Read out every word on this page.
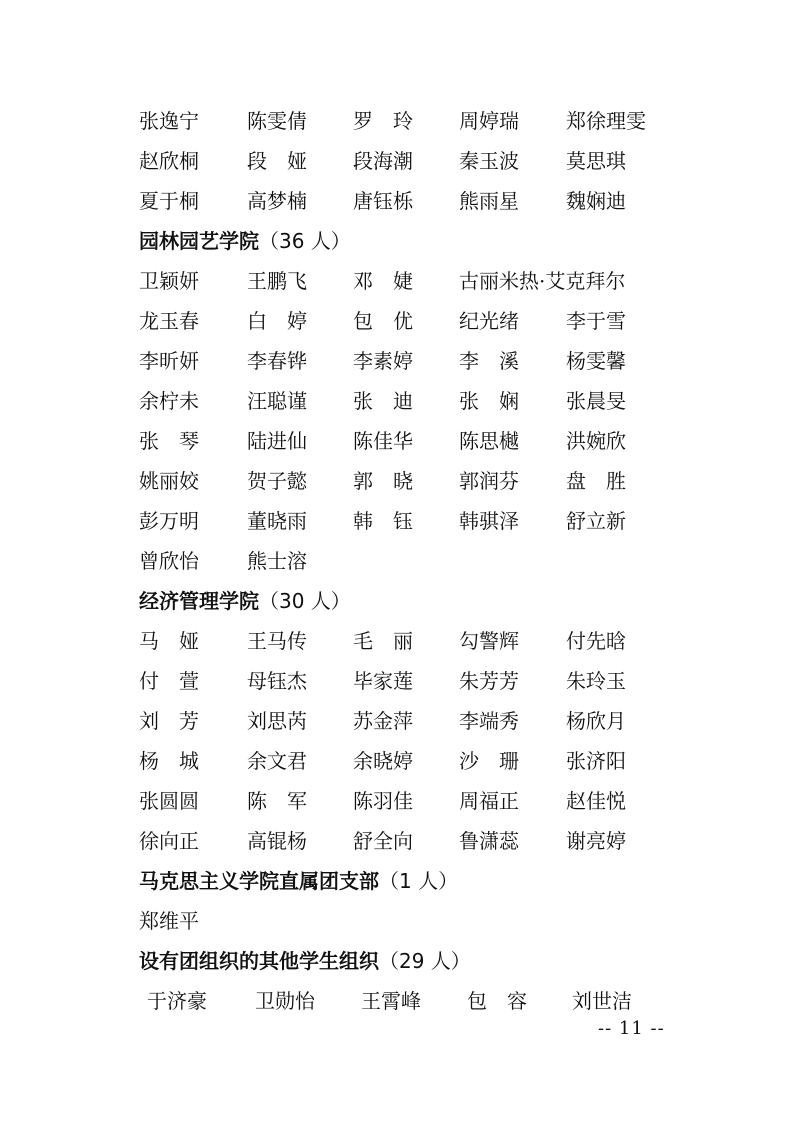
张逸宁 陈雯倩 罗　玲 周婷瑞 郑徐理雯
赵欣桐 段　娅 段海潮 秦玉波 莫思琪
夏于桐 高梦楠 唐钰栎 熊雨星 魏娴迪
园林园艺学院（36 人）
卫颖妍 王鹏飞 邓　婕 古丽米热·艾克拜尔
龙玉春 白　婷 包　优 纪光绪 李于雪
李昕妍 李春铧 李素婷 李　溪 杨雯馨
余柠未 汪聪谨 张　迪 张　娴 张晨旻
张　琴 陆进仙 陈佳华 陈思樾 洪婉欣
姚丽姣 贺子懿 郭　晓 郭润芬 盘　胜
彭万明 董晓雨 韩　钰 韩骐泽 舒立新
曾欣怡 熊士溶
经济管理学院（30 人）
马　娅 王马传 毛　丽 勾警辉 付先晗
付　萱 母钰杰 毕家莲 朱芳芳 朱玲玉
刘　芳 刘思芮 苏金萍 李端秀 杨欣月
杨　城 余文君 余晓婷 沙　珊 张济阳
张圆圆 陈　军 陈羽佳 周福正 赵佳悦
徐向正 高锟杨 舒全向 鲁潇蕊 谢亮婷
马克思主义学院直属团支部（1 人）
郑维平
设有团组织的其他学生组织（29 人）
于济豪 卫勋怡 王霄峰 包　容 刘世洁
-- 11 --
